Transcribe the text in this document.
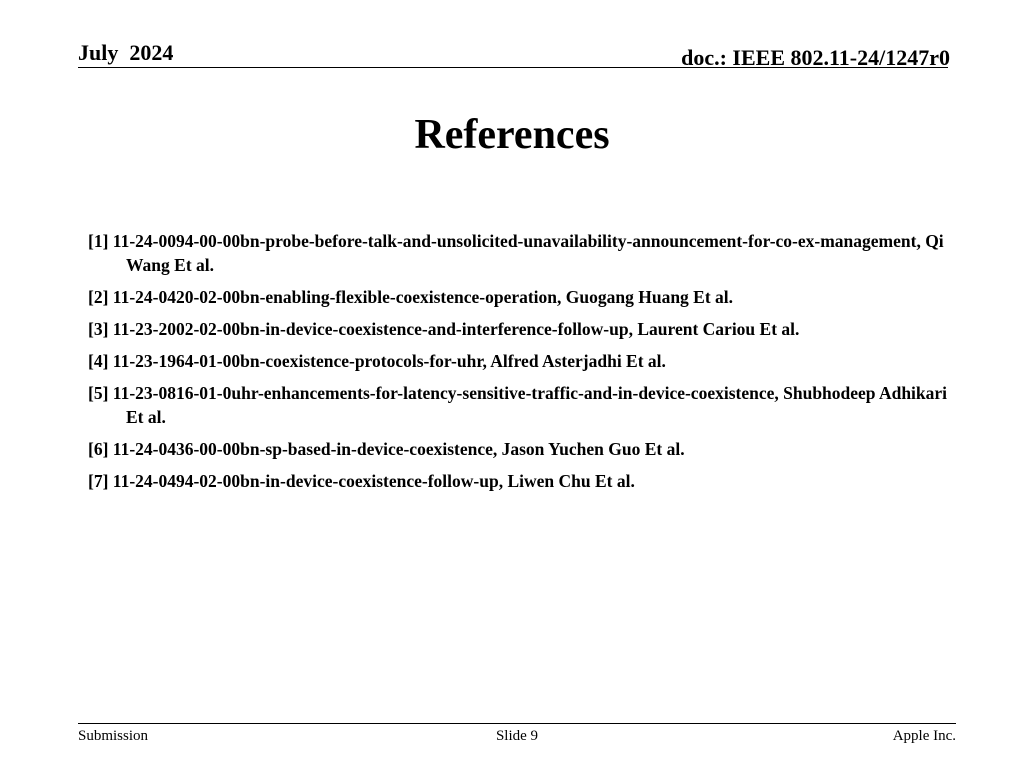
July  2024	doc.: IEEE 802.11-24/1247r0
References
[1] 11-24-0094-00-00bn-probe-before-talk-and-unsolicited-unavailability-announcement-for-co-ex-management, Qi Wang Et al.
[2] 11-24-0420-02-00bn-enabling-flexible-coexistence-operation, Guogang Huang Et al.
[3] 11-23-2002-02-00bn-in-device-coexistence-and-interference-follow-up, Laurent Cariou Et al.
[4] 11-23-1964-01-00bn-coexistence-protocols-for-uhr, Alfred Asterjadhi Et al.
[5] 11-23-0816-01-0uhr-enhancements-for-latency-sensitive-traffic-and-in-device-coexistence, Shubhodeep Adhikari Et al.
[6] 11-24-0436-00-00bn-sp-based-in-device-coexistence, Jason Yuchen Guo Et al.
[7] 11-24-0494-02-00bn-in-device-coexistence-follow-up, Liwen Chu Et al.
Submission	Slide 9	Apple Inc.
